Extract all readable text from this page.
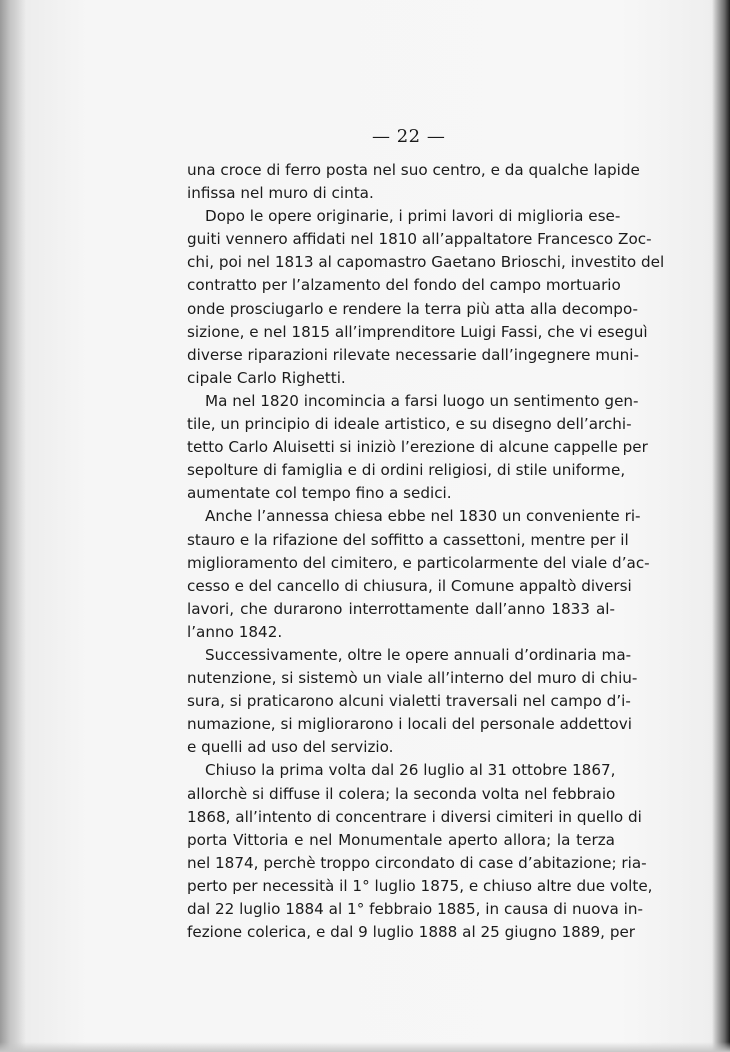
— 22 —
una croce di ferro posta nel suo centro, e da qualche lapide
infissa nel muro di cinta.
Dopo le opere originarie, i primi lavori di miglioria ese-
guiti vennero affidati nel 1810 all’appaltatore Francesco Zoc-
chi, poi nel 1813 al capomastro Gaetano Brioschi, investito del
contratto per l’alzamento del fondo del campo mortuario
onde prosciugarlo e rendere la terra più atta alla decompo-
sizione, e nel 1815 all’imprenditore Luigi Fassi, che vi eseguì
diverse riparazioni rilevate necessarie dall’ingegnere muni-
cipale Carlo Righetti.
Ma nel 1820 incomincia a farsi luogo un sentimento gen-
tile, un principio di ideale artistico, e su disegno dell’archi-
tetto Carlo Aluisetti si iniziò l’erezione di alcune cappelle per
sepolture di famiglia e di ordini religiosi, di stile uniforme,
aumentate col tempo fino a sedici.
Anche l’annessa chiesa ebbe nel 1830 un conveniente ri-
stauro e la rifazione del soffitto a cassettoni, mentre per il
miglioramento del cimitero, e particolarmente del viale d’ac-
cesso e del cancello di chiusura, il Comune appaltò diversi
lavori, che durarono interrottamente dall’anno 1833 al-
l’anno 1842.
Successivamente, oltre le opere annuali d’ordinaria ma-
nutenzione, si sistemò un viale all’interno del muro di chiu-
sura, si praticarono alcuni vialetti traversali nel campo d’i-
numazione, si migliorarono i locali del personale addettovi
e quelli ad uso del servizio.
Chiuso la prima volta dal 26 luglio al 31 ottobre 1867,
allorchè si diffuse il colera; la seconda volta nel febbraio
1868, all’intento di concentrare i diversi cimiteri in quello di
porta Vittoria e nel Monumentale aperto allora; la terza
nel 1874, perchè troppo circondato di case d’abitazione; ria-
perto per necessità il 1° luglio 1875, e chiuso altre due volte,
dal 22 luglio 1884 al 1° febbraio 1885, in causa di nuova in-
fezione colerica, e dal 9 luglio 1888 al 25 giugno 1889, per
